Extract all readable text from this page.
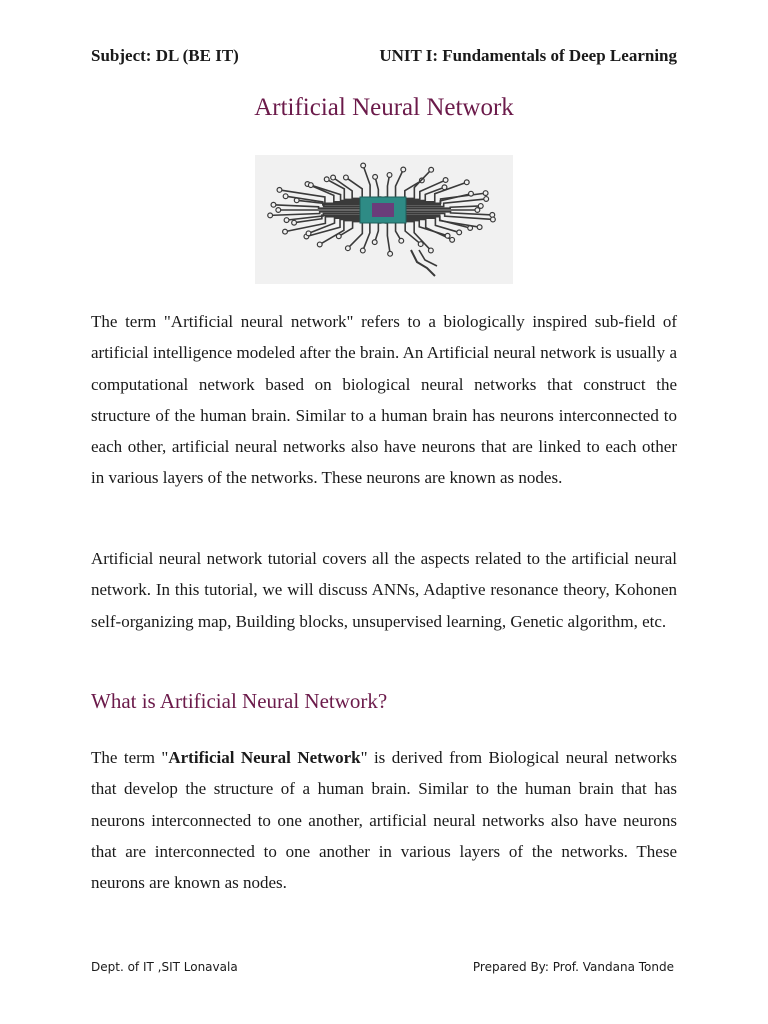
Subject: DL (BE IT)	UNIT I: Fundamentals of Deep Learning
Artificial Neural Network

The term "Artificial neural network" refers to a biologically inspired sub-field of artificial intelligence modeled after the brain. An Artificial neural network is usually a computational network based on biological neural networks that construct the structure of the human brain. Similar to a human brain has neurons interconnected to each other, artificial neural networks also have neurons that are linked to each other in various layers of the networks. These neurons are known as nodes.

Artificial neural network tutorial covers all the aspects related to the artificial neural network. In this tutorial, we will discuss ANNs, Adaptive resonance theory, Kohonen self-organizing map, Building blocks, unsupervised learning, Genetic algorithm, etc.

What is Artificial Neural Network?

The term "Artificial Neural Network" is derived from Biological neural networks that develop the structure of a human brain. Similar to the human brain that has neurons interconnected to one another, artificial neural networks also have neurons that are interconnected to one another in various layers of the networks. These neurons are known as nodes.

Dept. of IT ,SIT Lonavala	Prepared By: Prof. Vandana Tonde
